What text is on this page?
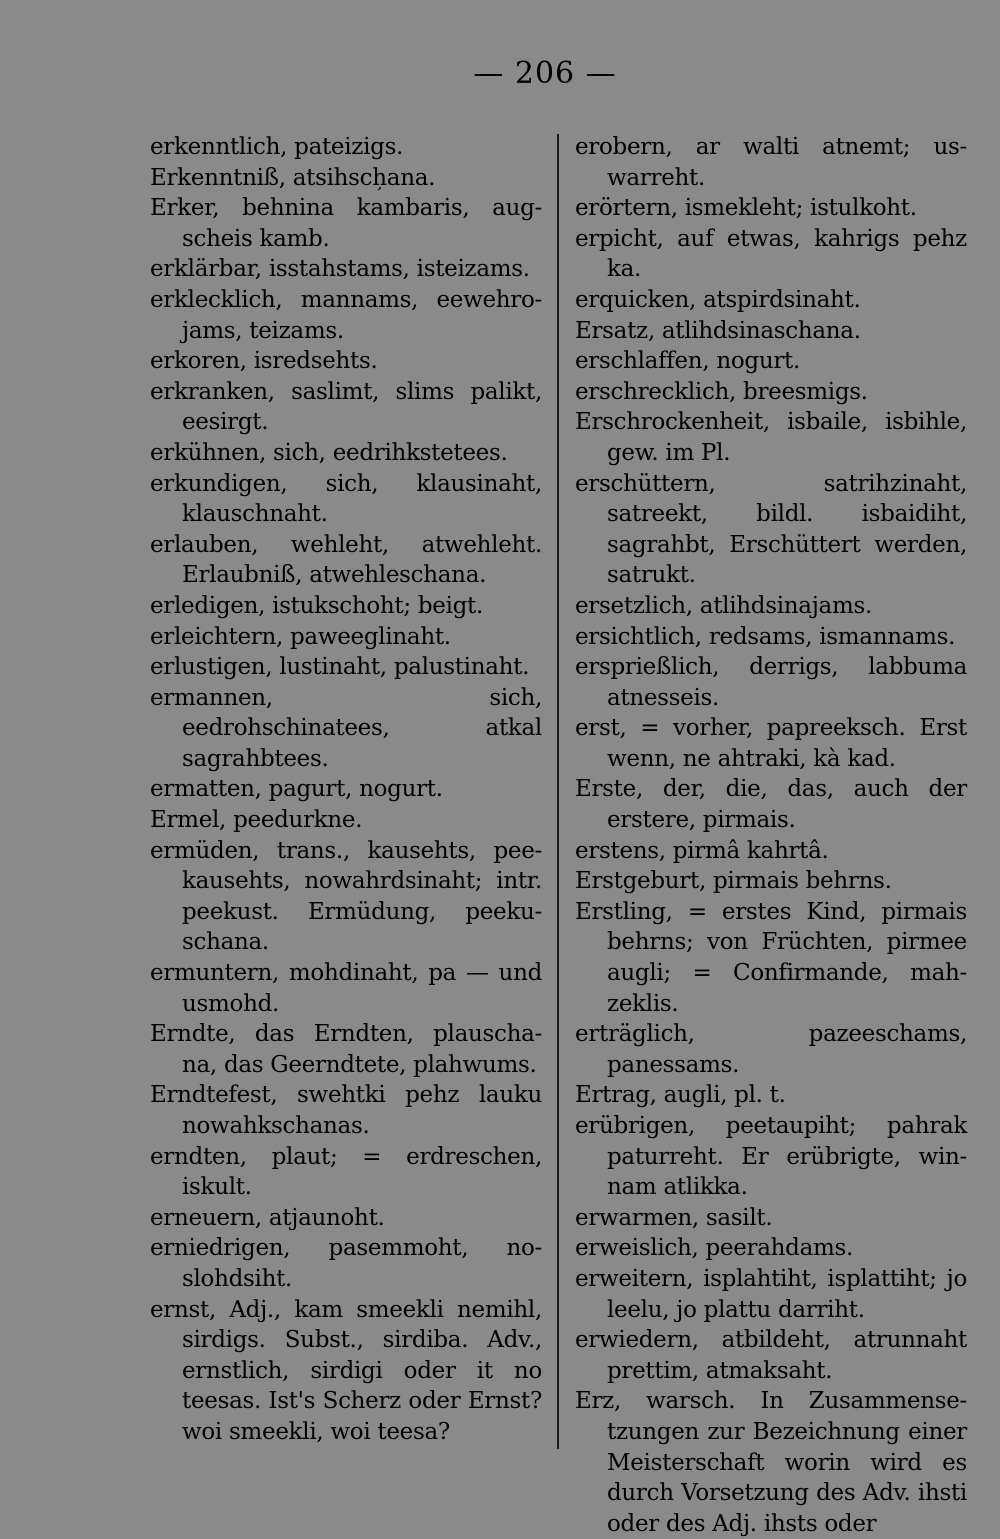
— 206 —

erkenntlich, pateizigs.

Erkenntniß, atsihsch̦ana.

Erker, behnina kambaris, aug- scheis kamb.

erklärbar, isstahstams, isteizams.

erklecklich, mannams, eewehro- jams, teizams.

erkoren, isredsehts.

erkranken, saslimt, slims palikt, eesirgt.

erkühnen, sich, eedrihkstetees.

erkundigen, sich, klausinaht, klauschnaht.

erlauben, wehleht, atwehleht. Erlaubniß, atwehleschana.

erledigen, istukschoht; beigt.

erleichtern, paweeglinaht.

erlustigen, lustinaht, palustinaht.

ermannen, sich, eedrohschinatees, atkal sagrahbtees.

ermatten, pagurt, nogurt.

Ermel, peedurkne.

ermüden, trans., kausehts, pee- kausehts, nowahrdsinaht; intr. peekust. Ermüdung, peeku- schana.

ermuntern, mohdinaht, pa — und usmohd.

Erndte, das Erndten, plauscha- na, das Geerndtete, plahwums.

Erndtefest, swehtki pehz lauku nowahkschanas.

erndten, plaut; = erdreschen, iskult.

erneuern, atjaunoht.

erniedrigen, pasemmoht, no- slohdsiht.

ernst, Adj., kam smeekli nemihl, sirdigs. Subst., sirdiba. Adv., ernstlich, sirdigi oder it no teesas. Ist's Scherz oder Ernst? woi smeekli, woi teesa?

erobern, ar walti atnemt; us- warreht.

erörtern, ismekleht; istulkoht.

erpicht, auf etwas, kahrigs pehz ka.

erquicken, atspirdsinaht.

Ersatz, atlihdsinaschana.

erschlaffen, nogurt.

erschrecklich, breesmigs.

Erschrockenheit, isbaile, isbihle, gew. im Pl.

erschüttern, satrihzinaht, satreekt, bildl. isbaidiht, sagrahbt, Erschüttert werden, satrukt.

ersetzlich, atlihdsinajams.

ersichtlich, redsams, ismannams.

ersprießlich, derrigs, labbuma atnesseis.

erst, = vorher, papreeksch. Erst wenn, ne ahtraki, kà kad.

Erste, der, die, das, auch der erstere, pirmais.

erstens, pirmâ kahrtâ.

Erstgeburt, pirmais behrns.

Erstling, = erstes Kind, pirmais behrns; von Früchten, pirmee augli; = Confirmande, mah- zeklis.

erträglich, pazeeschams, panessams.

Ertrag, augli, pl. t.

erübrigen, peetaupiht; pahrak paturreht. Er erübrigte, win- nam atlikka.

erwarmen, sasilt.

erweislich, peerahdams.

erweitern, isplahtiht, isplattiht; jo leelu, jo plattu darriht.

erwiedern, atbildeht, atrunnaht prettim, atmaksaht.

Erz, warsch. In Zusammense- tzungen zur Bezeichnung einer Meisterschaft worin wird es durch Vorsetzung des Adv. ihsti oder des Adj. ihsts oder
